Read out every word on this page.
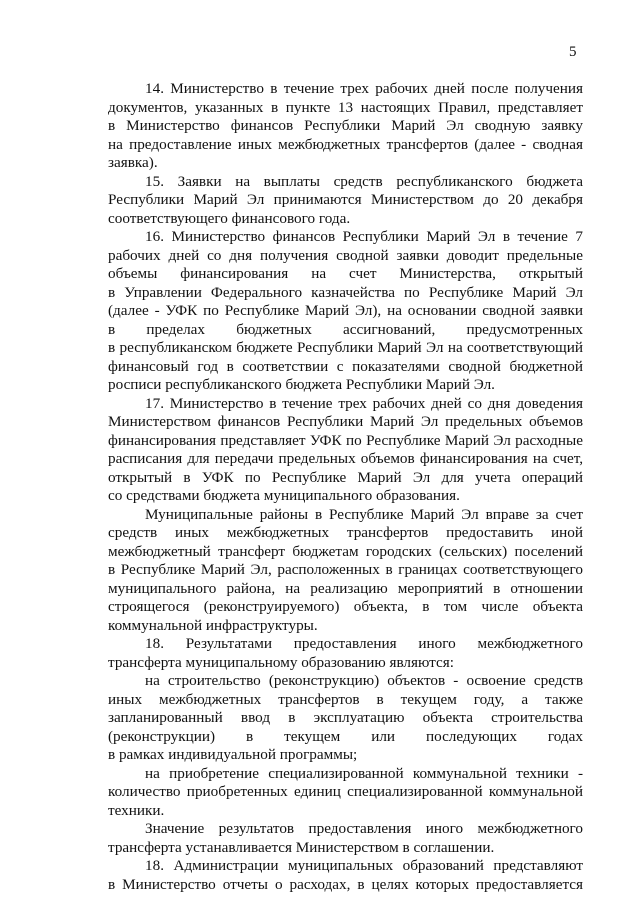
5
14. Министерство в течение трех рабочих дней после получения
документов, указанных в пункте 13 настоящих Правил, представляет
в Министерство финансов Республики Марий Эл сводную заявку
на предоставление иных межбюджетных трансфертов (далее - сводная
заявка).
15. Заявки на выплаты средств республиканского бюджета
Республики Марий Эл принимаются Министерством до 20 декабря
соответствующего финансового года.
16. Министерство финансов Республики Марий Эл в течение 7
рабочих дней со дня получения сводной заявки доводит предельные
объемы финансирования на счет Министерства, открытый
в Управлении Федерального казначейства по Республике Марий Эл
(далее - УФК по Республике Марий Эл), на основании сводной заявки
в пределах бюджетных ассигнований, предусмотренных
в республиканском бюджете Республики Марий Эл на соответствующий
финансовый год в соответствии с показателями сводной бюджетной
росписи республиканского бюджета Республики Марий Эл.
17. Министерство в течение трех рабочих дней со дня доведения
Министерством финансов Республики Марий Эл предельных объемов
финансирования представляет УФК по Республике Марий Эл расходные
расписания для передачи предельных объемов финансирования на счет,
открытый в УФК по Республике Марий Эл для учета операций
со средствами бюджета муниципального образования.
Муниципальные районы в Республике Марий Эл вправе за счет
средств иных межбюджетных трансфертов предоставить иной
межбюджетный трансферт бюджетам городских (сельских) поселений
в Республике Марий Эл, расположенных в границах соответствующего
муниципального района, на реализацию мероприятий в отношении
строящегося (реконструируемого) объекта, в том числе объекта
коммунальной инфраструктуры.
18. Результатами предоставления иного межбюджетного
трансферта муниципальному образованию являются:
на строительство (реконструкцию) объектов - освоение средств
иных межбюджетных трансфертов в текущем году, а также
запланированный ввод в эксплуатацию объекта строительства
(реконструкции) в текущем или последующих годах
в рамках индивидуальной программы;
на приобретение специализированной коммунальной техники -
количество приобретенных единиц специализированной коммунальной
техники.
Значение результатов предоставления иного межбюджетного
трансферта устанавливается Министерством в соглашении.
18. Администрации муниципальных образований представляют
в Министерство отчеты о расходах, в целях которых предоставляется
